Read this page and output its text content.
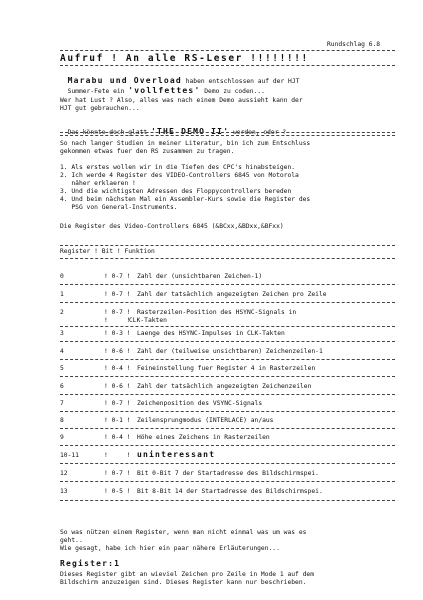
Rundschlag 6.8
Aufruf ! An alle RS-Leser !!!!!!!!

Marabu und Overload haben entschlossen auf der HJT

Summer-Fete ein 'vollfettes' Demo zu coden...

Wer hat Lust ? Also, alles was nach einem Demo aussieht kann der
HJT gut gebrauchen...

Das könnte doch glatt 'THE DEMO II' werden, oder ?

So nach langer Studien in meiner Literatur, bin ich zum Entschluss
gekommen etwas fuer den RS zusammen zu tragen.
1. Als erstes wollen wir in die Tiefen des CPC's hinabsteigen.
2. Ich werde 4 Register des VIDEO-Controllers 6845 von Motorola
näher erklaeren !
3. Und die wichtigsten Adressen des Floppycontrollers bereden
4. Und beim nächsten Mal ein Assembler-Kurs sowie die Register des
PSG von General-Instruments.
Die Register des Video-Controllers 6845 (&BCxx,&BDxx,&BFxx)
Register ! Bit ! Funktion
0	! 0-7 ! Zahl der (unsichtbaren Zeichen-1)
1	! 0-7 ! Zahl der tatsächlich angezeigten Zeichen pro Zeile
2	! 0-7 ! Rasterzeilen-Position des HSYNC-Signals in
CLK-Takten
!     !
3	! 0-3 ! Laenge des HSYNC-Impulses in CLK-Takten
4	! 0-6 ! Zahl der (teilweise unsichtbaren) Zeichenzeilen-1
5	! 0-4 ! Feineinstellung fuer Register 4 in Rasterzeilen
6	! 0-6 ! Zahl der tatsächlich angezeigten Zeichenzeilen
7	! 0-7 ! Zeichenposition des VSYNC-Signals
8	! 0-1 ! Zeilensprungmodus (INTERLACE) an/aus
9	! 0-4 ! Höhe eines Zeichens in Rasterzeilen
10-11	!     ! uninteressant
12	! 0-7 ! Bit 0-Bit 7 der Startadresse des Bildschirmspei.
13	! 0-5 ! Bit 8-Bit 14 der Startadresse des Bildschirmspei.
So was nützen einem Register, wenn man nicht einmal was um was es
geht..
Wie gesagt, habe ich hier ein paar nähere Erläuterungen...
Register:1
Dieses Register gibt an wieviel Zeichen pro Zeile in Mode 1 auf dem
Bildschirm anzuzeigen sind. Dieses Register kann nur beschrieben.
